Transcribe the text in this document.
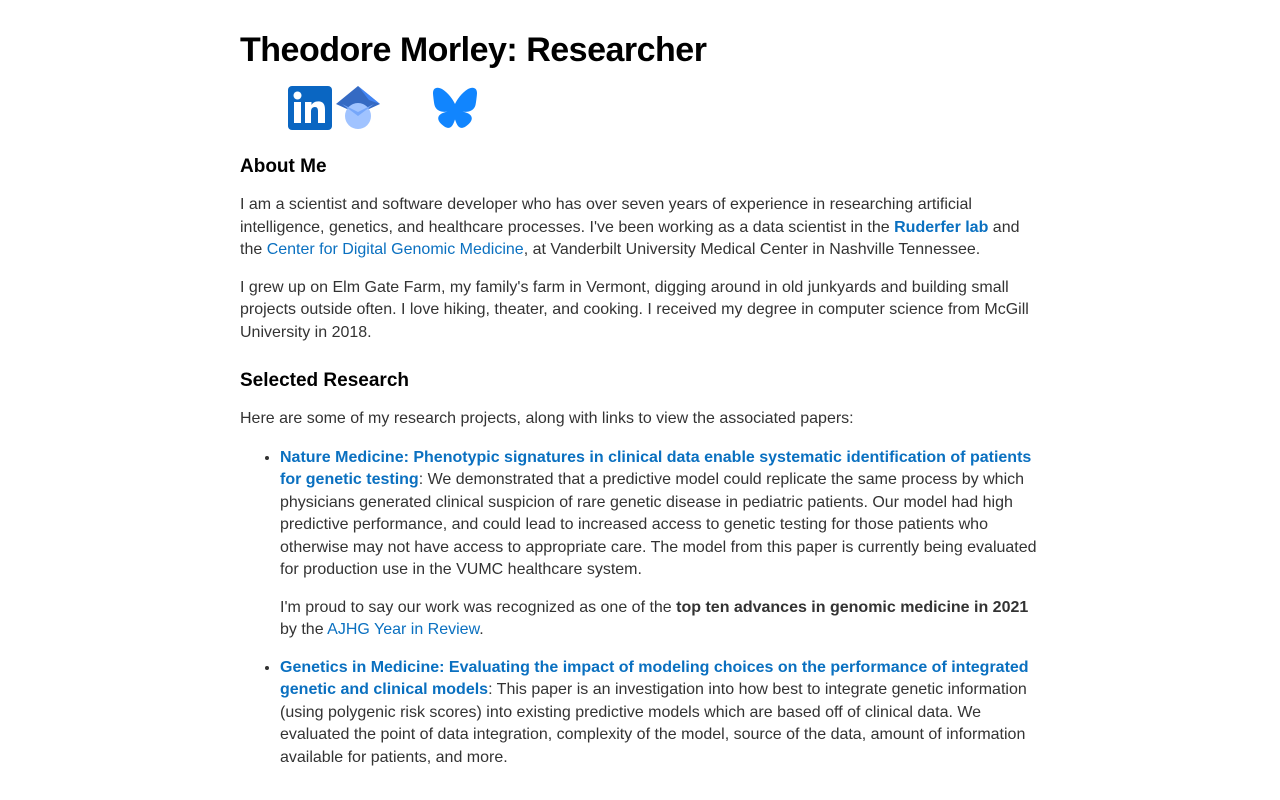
Theodore Morley: Researcher
About Me

I am a scientist and software developer who has over seven years of experience in researching artificial intelligence, genetics, and healthcare processes. I've been working as a data scientist in the Ruderfer lab and the Center for Digital Genomic Medicine, at Vanderbilt University Medical Center in Nashville Tennessee.

I grew up on Elm Gate Farm, my family's farm in Vermont, digging around in old junkyards and building small projects outside often. I love hiking, theater, and cooking. I received my degree in computer science from McGill University in 2018.

Selected Research

Here are some of my research projects, along with links to view the associated papers:

• Nature Medicine: Phenotypic signatures in clinical data enable systematic identification of patients for genetic testing: We demonstrated that a predictive model could replicate the same process by which physicians generated clinical suspicion of rare genetic disease in pediatric patients. Our model had high predictive performance, and could lead to increased access to genetic testing for those patients who otherwise may not have access to appropriate care. The model from this paper is currently being evaluated for production use in the VUMC healthcare system.

I'm proud to say our work was recognized as one of the top ten advances in genomic medicine in 2021 by the AJHG Year in Review.

• Genetics in Medicine: Evaluating the impact of modeling choices on the performance of integrated genetic and clinical models: This paper is an investigation into how best to integrate genetic information (using polygenic risk scores) into existing predictive models which are based off of clinical data. We evaluated the point of data integration, complexity of the model, source of the data, amount of information available for patients, and more.
